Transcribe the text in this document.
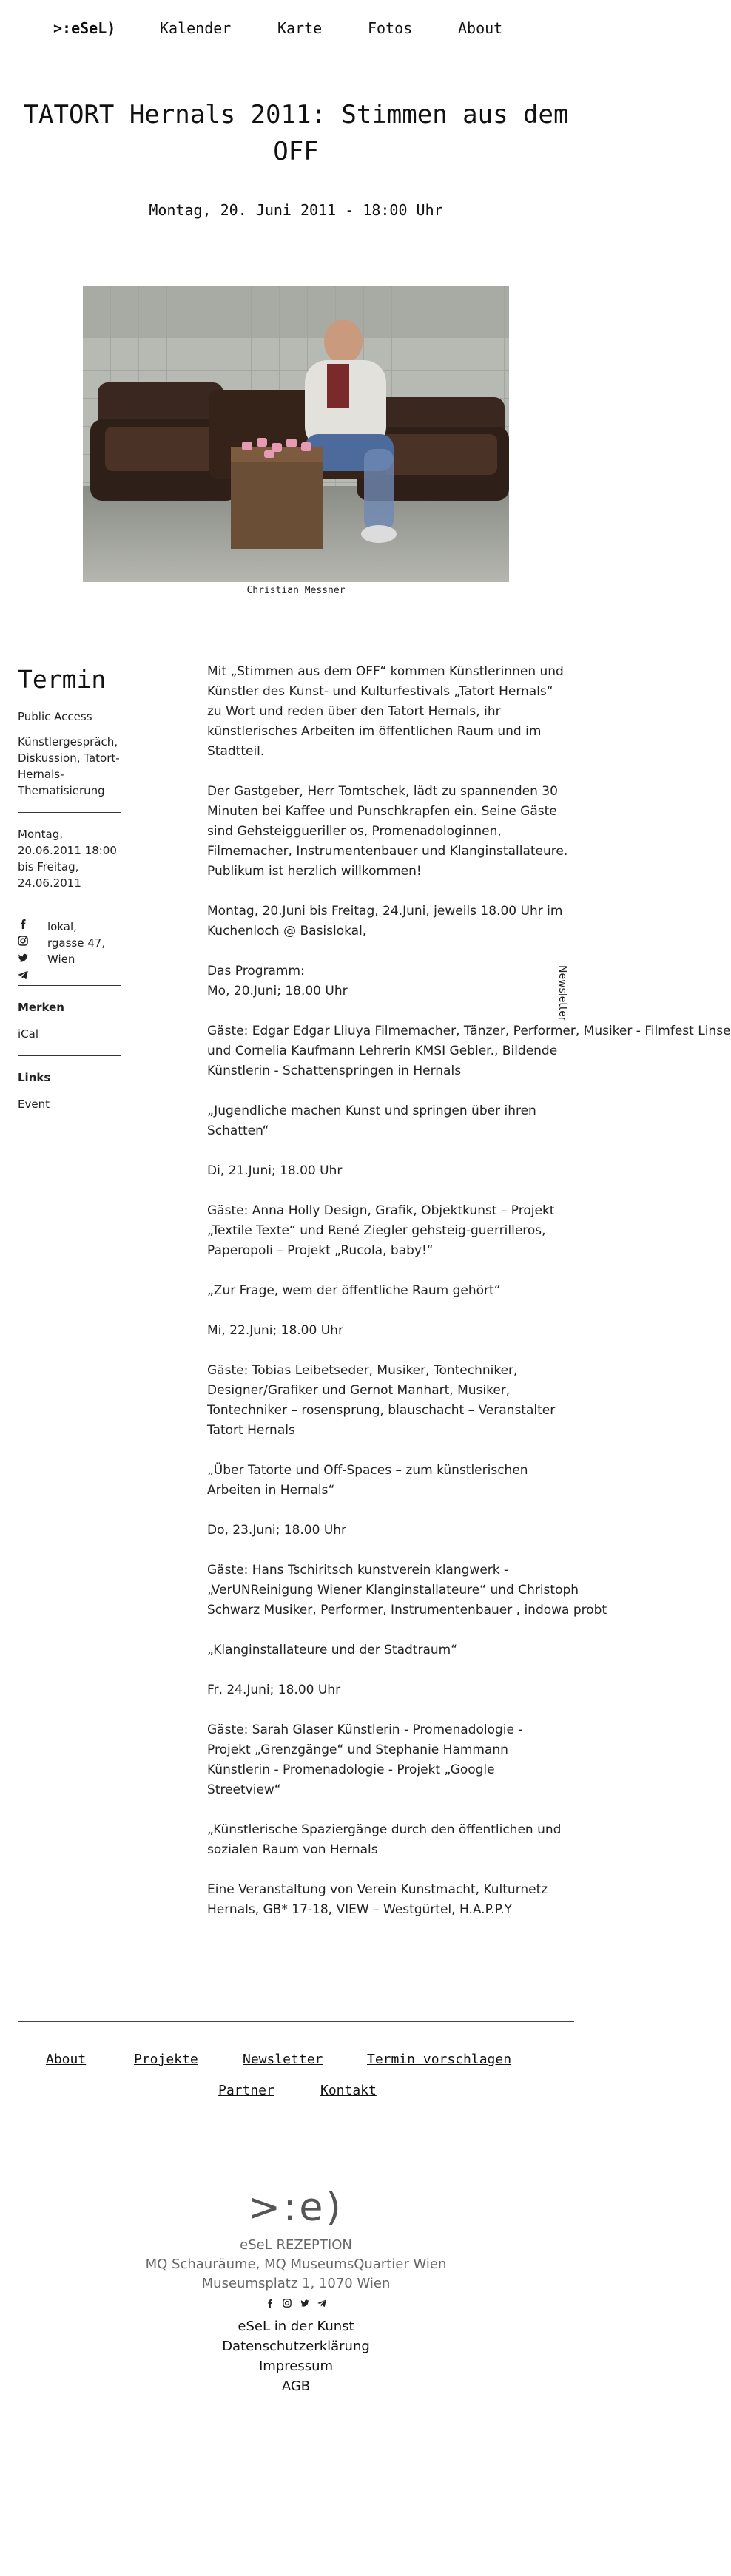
>:eSeL)	Kalender	Karte	Fotos	About
TATORT Hernals 2011: Stimmen aus dem OFF
Montag, 20. Juni 2011 - 18:00 Uhr
Christian Messner
Termin

Public Access

Künstlergespräch, Diskussion, Tatort-Hernals-Thematisierung

Montag, 20.06.2011 18:00 bis Freitag, 24.06.2011

lokal,
rgasse 47,
Wien
Merken
iCal
Links
Event
Newsletter

Mit „Stimmen aus dem OFF“ kommen Künstlerinnen und Künstler des Kunst- und Kulturfestivals „Tatort Hernals“ zu Wort und reden über den Tatort Hernals, ihr künstlerisches Arbeiten im öffentlichen Raum und im Stadtteil.

Der Gastgeber, Herr Tomtschek, lädt zu spannenden 30 Minuten bei Kaffee und Punschkrapfen ein. Seine Gäste sind Gehsteiggueriller os, Promenadologinnen, Filmemacher, Instrumentenbauer und Klanginstallateure. Publikum ist herzlich willkommen!

Montag, 20.Juni bis Freitag, 24.Juni, jeweils 18.00 Uhr im Kuchenloch @ Basislokal,

Das Programm:

Mo, 20.Juni; 18.00 Uhr

Gäste: Edgar Edgar Lliuya Filmemacher, Tänzer, Performer, Musiker - Filmfest Linse

und Cornelia Kaufmann Lehrerin KMSI Gebler., Bildende Künstlerin - Schattenspringen in Hernals

„Jugendliche machen Kunst und springen über ihren Schatten“

Di, 21.Juni; 18.00 Uhr

Gäste: Anna Holly Design, Grafik, Objektkunst – Projekt „Textile Texte“ und René Ziegler gehsteig-guerrilleros, Paperopoli – Projekt „Rucola, baby!“

„Zur Frage, wem der öffentliche Raum gehört“

Mi, 22.Juni; 18.00 Uhr

Gäste: Tobias Leibetseder, Musiker, Tontechniker, Designer/Grafiker und Gernot Manhart, Musiker, Tontechniker – rosensprung, blauschacht – Veranstalter Tatort Hernals

„Über Tatorte und Off-Spaces – zum künstlerischen Arbeiten in Hernals“

Do, 23.Juni; 18.00 Uhr

Gäste: Hans Tschiritsch kunstverein klangwerk -
„VerUNReinigung Wiener Klanginstallateure“ und Christoph
Schwarz Musiker, Performer, Instrumentenbauer , indowa probt

„Klanginstallateure und der Stadtraum“

Fr, 24.Juni; 18.00 Uhr

Gäste: Sarah Glaser Künstlerin - Promenadologie - Projekt „Grenzgänge“ und Stephanie Hammann Künstlerin - Promenadologie - Projekt „Google Streetview“

„Künstlerische Spaziergänge durch den öffentlichen und sozialen Raum von Hernals

Eine Veranstaltung von Verein Kunstmacht, Kulturnetz Hernals, GB* 17-18, VIEW – Westgürtel, H.A.P.P.Y

About	Projekte	Newsletter	Termin vorschlagen
Partner	Kontakt
>:e)
eSeL REZEPTION
MQ Schauräume, MQ MuseumsQuartier Wien
Museumsplatz 1, 1070 Wien

eSeL in der Kunst
Datenschutzerklärung
Impressum
AGB
